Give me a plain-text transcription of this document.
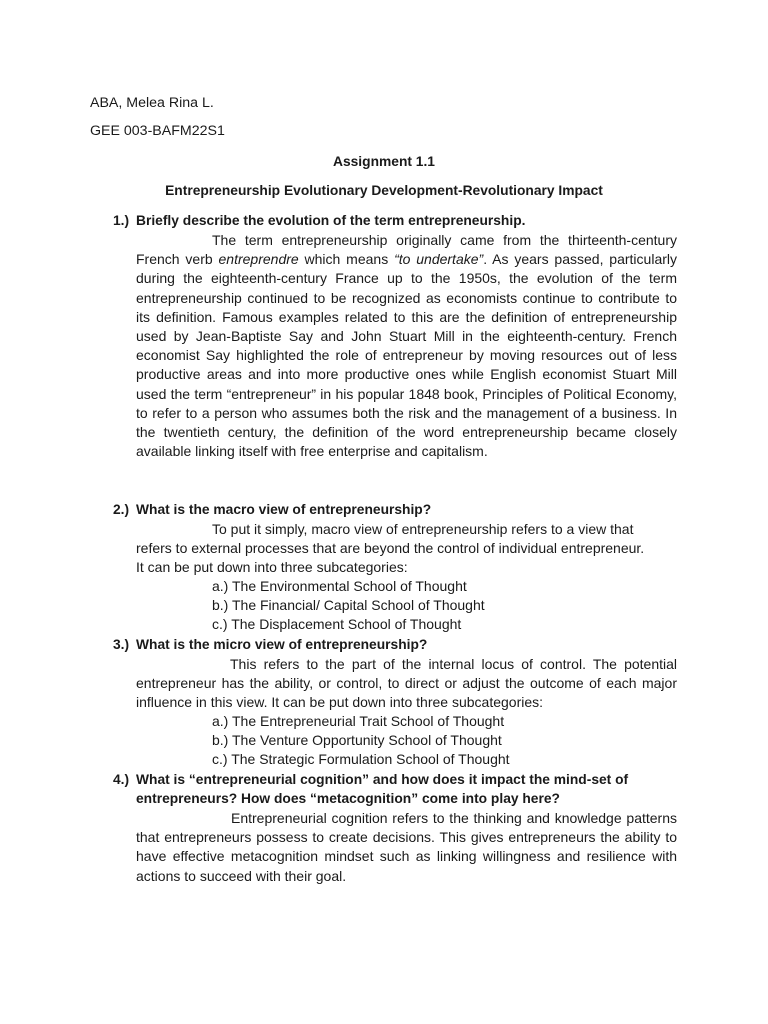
ABA, Melea Rina L.
GEE 003-BAFM22S1
Assignment 1.1
Entrepreneurship Evolutionary Development-Revolutionary Impact
1.) Briefly describe the evolution of the term entrepreneurship.
The term entrepreneurship originally came from the thirteenth-century French verb entreprendre which means “to undertake”. As years passed, particularly during the eighteenth-century France up to the 1950s, the evolution of the term entrepreneurship continued to be recognized as economists continue to contribute to its definition. Famous examples related to this are the definition of entrepreneurship used by Jean-Baptiste Say and John Stuart Mill in the eighteenth-century. French economist Say highlighted the role of entrepreneur by moving resources out of less productive areas and into more productive ones while English economist Stuart Mill used the term “entrepreneur” in his popular 1848 book, Principles of Political Economy, to refer to a person who assumes both the risk and the management of a business. In the twentieth century, the definition of the word entrepreneurship became closely available linking itself with free enterprise and capitalism.
2.) What is the macro view of entrepreneurship?
To put it simply, macro view of entrepreneurship refers to a view that refers to external processes that are beyond the control of individual entrepreneur. It can be put down into three subcategories:
a.) The Environmental School of Thought
b.) The Financial/ Capital School of Thought
c.) The Displacement School of Thought
3.) What is the micro view of entrepreneurship?
This refers to the part of the internal locus of control. The potential entrepreneur has the ability, or control, to direct or adjust the outcome of each major influence in this view. It can be put down into three subcategories:
a.) The Entrepreneurial Trait School of Thought
b.) The Venture Opportunity School of Thought
c.) The Strategic Formulation School of Thought
4.) What is “entrepreneurial cognition” and how does it impact the mind-set of entrepreneurs? How does “metacognition” come into play here?
Entrepreneurial cognition refers to the thinking and knowledge patterns that entrepreneurs possess to create decisions. This gives entrepreneurs the ability to have effective metacognition mindset such as linking willingness and resilience with actions to succeed with their goal.
